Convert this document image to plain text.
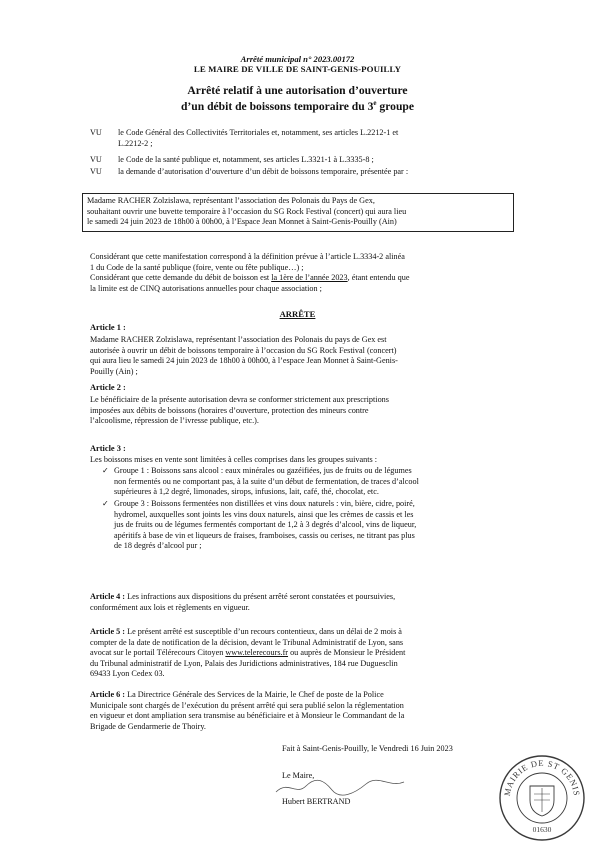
Arrêté municipal n° 2023.00172
LE MAIRE DE VILLE DE SAINT-GENIS-POUILLY
Arrêté relatif à une autorisation d’ouverture
d’un débit de boissons temporaire du 3e groupe
VU le Code Général des Collectivités Territoriales et, notamment, ses articles L.2212-1 et
L.2212-2 ;
VU le Code de la santé publique et, notamment, ses articles L.3321-1 à L.3335-8 ;
VU la demande d’autorisation d’ouverture d’un débit de boissons temporaire, présentée par :
Madame RACHER Zolzislawa, représentant l’association des Polonais du Pays de Gex,
souhaitant ouvrir une buvette temporaire à l’occasion du SG Rock Festival (concert) qui aura lieu
le samedi 24 juin 2023 de 18h00 à 00h00, à l’Espace Jean Monnet à Saint-Genis-Pouilly (Ain)
Considérant que cette manifestation correspond à la définition prévue à l’article L.3334-2 alinéa
1 du Code de la santé publique (foire, vente ou fête publique…) ;
Considérant que cette demande du débit de boisson est la 1ère de l’année 2023, étant entendu que
la limite est de CINQ autorisations annuelles pour chaque association ;
ARRÊTE
Article 1 :
Madame RACHER Zolzislawa, représentant l’association des Polonais du pays de Gex est
autorisée à ouvrir un débit de boissons temporaire à l’occasion du SG Rock Festival (concert)
qui aura lieu le samedi 24 juin 2023 de 18h00 à 00h00, à l’espace Jean Monnet à Saint-Genis-
Pouilly (Ain) ;
Article 2 :
Le bénéficiaire de la présente autorisation devra se conformer strictement aux prescriptions
imposées aux débits de boissons (horaires d’ouverture, protection des mineurs contre
l’alcoolisme, répression de l’ivresse publique, etc.).
Article 3 :
Les boissons mises en vente sont limitées à celles comprises dans les groupes suivants :
✓ Groupe 1 : Boissons sans alcool : eaux minérales ou gazéifiées, jus de fruits ou de légumes
non fermentés ou ne comportant pas, à la suite d’un début de fermentation, de traces d’alcool
supérieures à 1,2 degré, limonades, sirops, infusions, lait, café, thé, chocolat, etc.
✓ Groupe 3 : Boissons fermentées non distillées et vins doux naturels : vin, bière, cidre, poiré,
hydromel, auxquelles sont joints les vins doux naturels, ainsi que les crèmes de cassis et les
jus de fruits ou de légumes fermentés comportant de 1,2 à 3 degrés d’alcool, vins de liqueur,
apéritifs à base de vin et liqueurs de fraises, framboises, cassis ou cerises, ne titrant pas plus
de 18 degrés d’alcool pur ;
Article 4 : Les infractions aux dispositions du présent arrêté seront constatées et poursuivies,
conformément aux lois et règlements en vigueur.
Article 5 : Le présent arrêté est susceptible d’un recours contentieux, dans un délai de 2 mois à
compter de la date de notification de la décision, devant le Tribunal Administratif de Lyon, sans
avocat sur le portail Télérecours Citoyen www.telerecours.fr ou auprès de Monsieur le Président
du Tribunal administratif de Lyon, Palais des Juridictions administratives, 184 rue Duguesclin
69433 Lyon Cedex 03.
Article 6 : La Directrice Générale des Services de la Mairie, le Chef de poste de la Police
Municipale sont chargés de l’exécution du présent arrêté qui sera publié selon la réglementation
en vigueur et dont ampliation sera transmise au bénéficiaire et à Monsieur le Commandant de la
Brigade de Gendarmerie de Thoiry.
Fait à Saint-Genis-Pouilly, le Vendredi 16 Juin 2023
Le Maire,
Hubert BERTRAND
MAIRIE DE ST GENIS
01630
